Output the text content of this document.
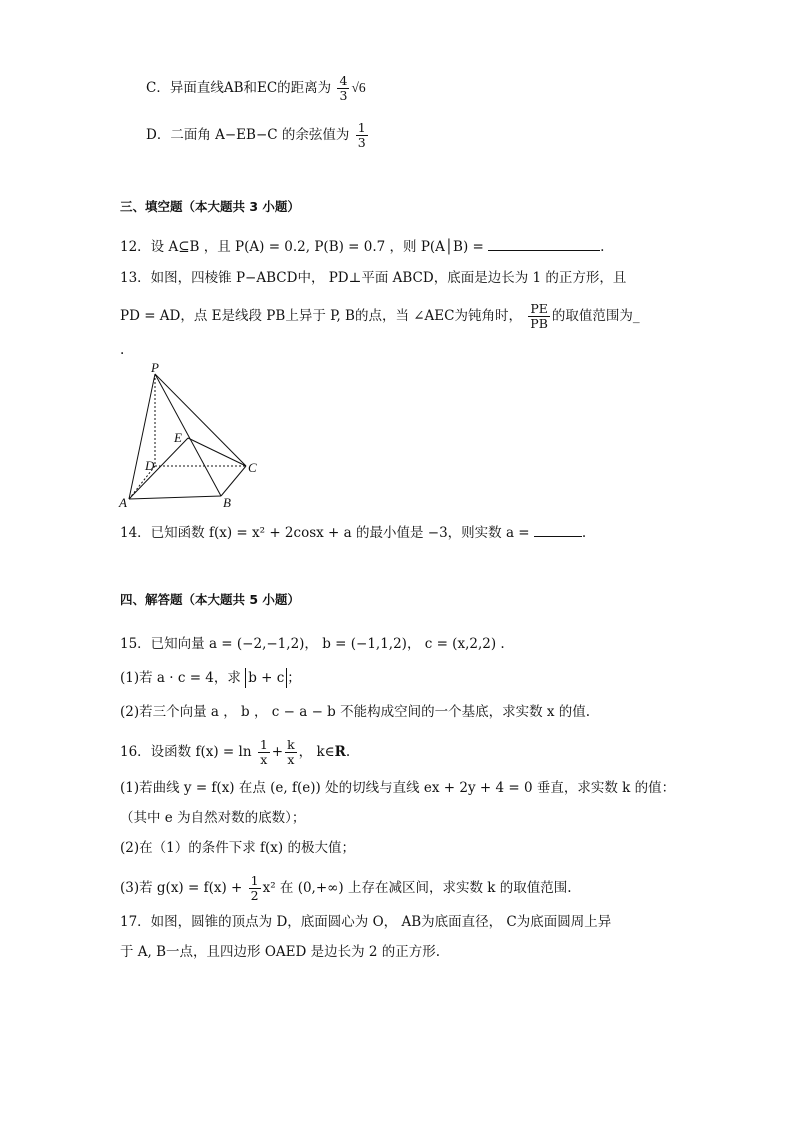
C．异面直线AB和EC的距离为 $\frac{4}{3} √6$
D．二面角 A−EB−C 的余弦值为 $\frac{1}{3}$
三、填空题（本大题共 3 小题）
12．设 A⊆B ，且 P(A) = 0.2, P(B) = 0.7 ，则 P(A│B) =	.
13．如图，四棱锥 P−ABCD中， PD⊥平面 ABCD，底面是边长为 1 的正方形，且
PD = AD，点 E是线段 PB上异于 P, B的点，当 ∠AEC为钝角时， $\frac{PE}{PB}$ 的取值范围为_
.
P
E
D	C
A	B
14．已知函数 f(x) = x² + 2cosx + a 的最小值是 −3，则实数 a =	.
四、解答题（本大题共 5 小题）
15．已知向量 a = (−2,−1,2)， b = (−1,1,2)， c = (x,2,2) .
(1)若 a · c = 4，求 b + c ；
(2)若三个向量 a ， b ， c − a − b 不能构成空间的一个基底，求实数 x 的值.
16．设函数 $f(x) = \ln \frac{1}{x} + \frac{k}{x}$ ， k∈R.
(1)若曲线 y = f(x) 在点 (e, f(e)) 处的切线与直线 ex + 2y + 4 = 0 垂直，求实数 k 的值：
（其中 e 为自然对数的底数）；
(2)在（1）的条件下求 f(x) 的极大值；
(3)若 $g(x) = f(x) + \frac{1}{2} x^2$ 在 (0,+∞) 上存在减区间，求实数 k 的取值范围.
17．如图，圆锥的顶点为 D，底面圆心为 O， AB为底面直径， C为底面圆周上异
于 A, B一点，且四边形 OAED 是边长为 2 的正方形.
